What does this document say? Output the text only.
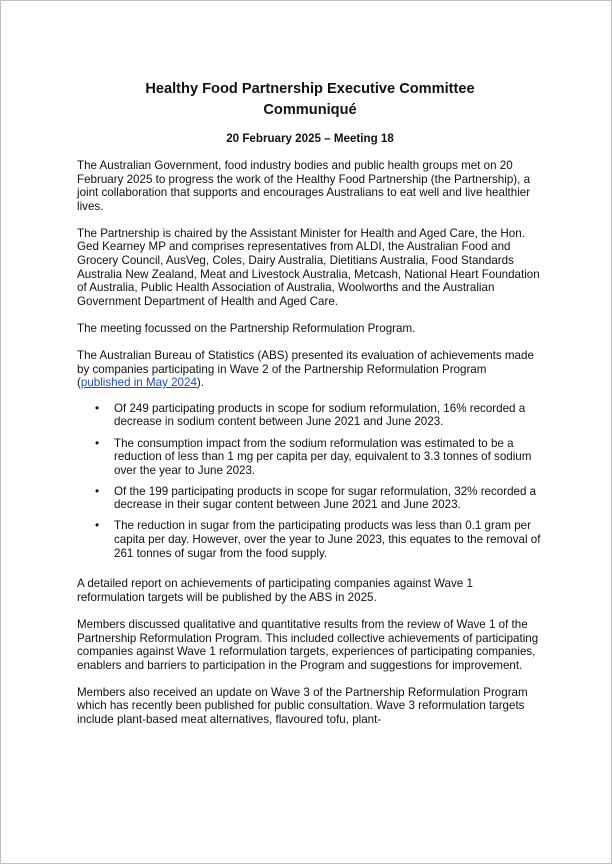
Healthy Food Partnership Executive Committee
Communiqué
20 February 2025 – Meeting 18

The Australian Government, food industry bodies and public health groups met on 20 February 2025 to progress the work of the Healthy Food Partnership (the Partnership), a joint collaboration that supports and encourages Australians to eat well and live healthier lives.

The Partnership is chaired by the Assistant Minister for Health and Aged Care, the Hon. Ged Kearney MP and comprises representatives from ALDI, the Australian Food and Grocery Council, AusVeg, Coles, Dairy Australia, Dietitians Australia, Food Standards Australia New Zealand, Meat and Livestock Australia, Metcash, National Heart Foundation of Australia, Public Health Association of Australia, Woolworths and the Australian Government Department of Health and Aged Care.

The meeting focussed on the Partnership Reformulation Program.

The Australian Bureau of Statistics (ABS) presented its evaluation of achievements made by companies participating in Wave 2 of the Partnership Reformulation Program (published in May 2024).

• Of 249 participating products in scope for sodium reformulation, 16% recorded a decrease in sodium content between June 2021 and June 2023.
• The consumption impact from the sodium reformulation was estimated to be a reduction of less than 1 mg per capita per day, equivalent to 3.3 tonnes of sodium over the year to June 2023.
• Of the 199 participating products in scope for sugar reformulation, 32% recorded a decrease in their sugar content between June 2021 and June 2023.
• The reduction in sugar from the participating products was less than 0.1 gram per capita per day. However, over the year to June 2023, this equates to the removal of 261 tonnes of sugar from the food supply.

A detailed report on achievements of participating companies against Wave 1 reformulation targets will be published by the ABS in 2025.

Members discussed qualitative and quantitative results from the review of Wave 1 of the Partnership Reformulation Program. This included collective achievements of participating companies against Wave 1 reformulation targets, experiences of participating companies, enablers and barriers to participation in the Program and suggestions for improvement.

Members also received an update on Wave 3 of the Partnership Reformulation Program which has recently been published for public consultation. Wave 3 reformulation targets include plant-based meat alternatives, flavoured tofu, plant-
